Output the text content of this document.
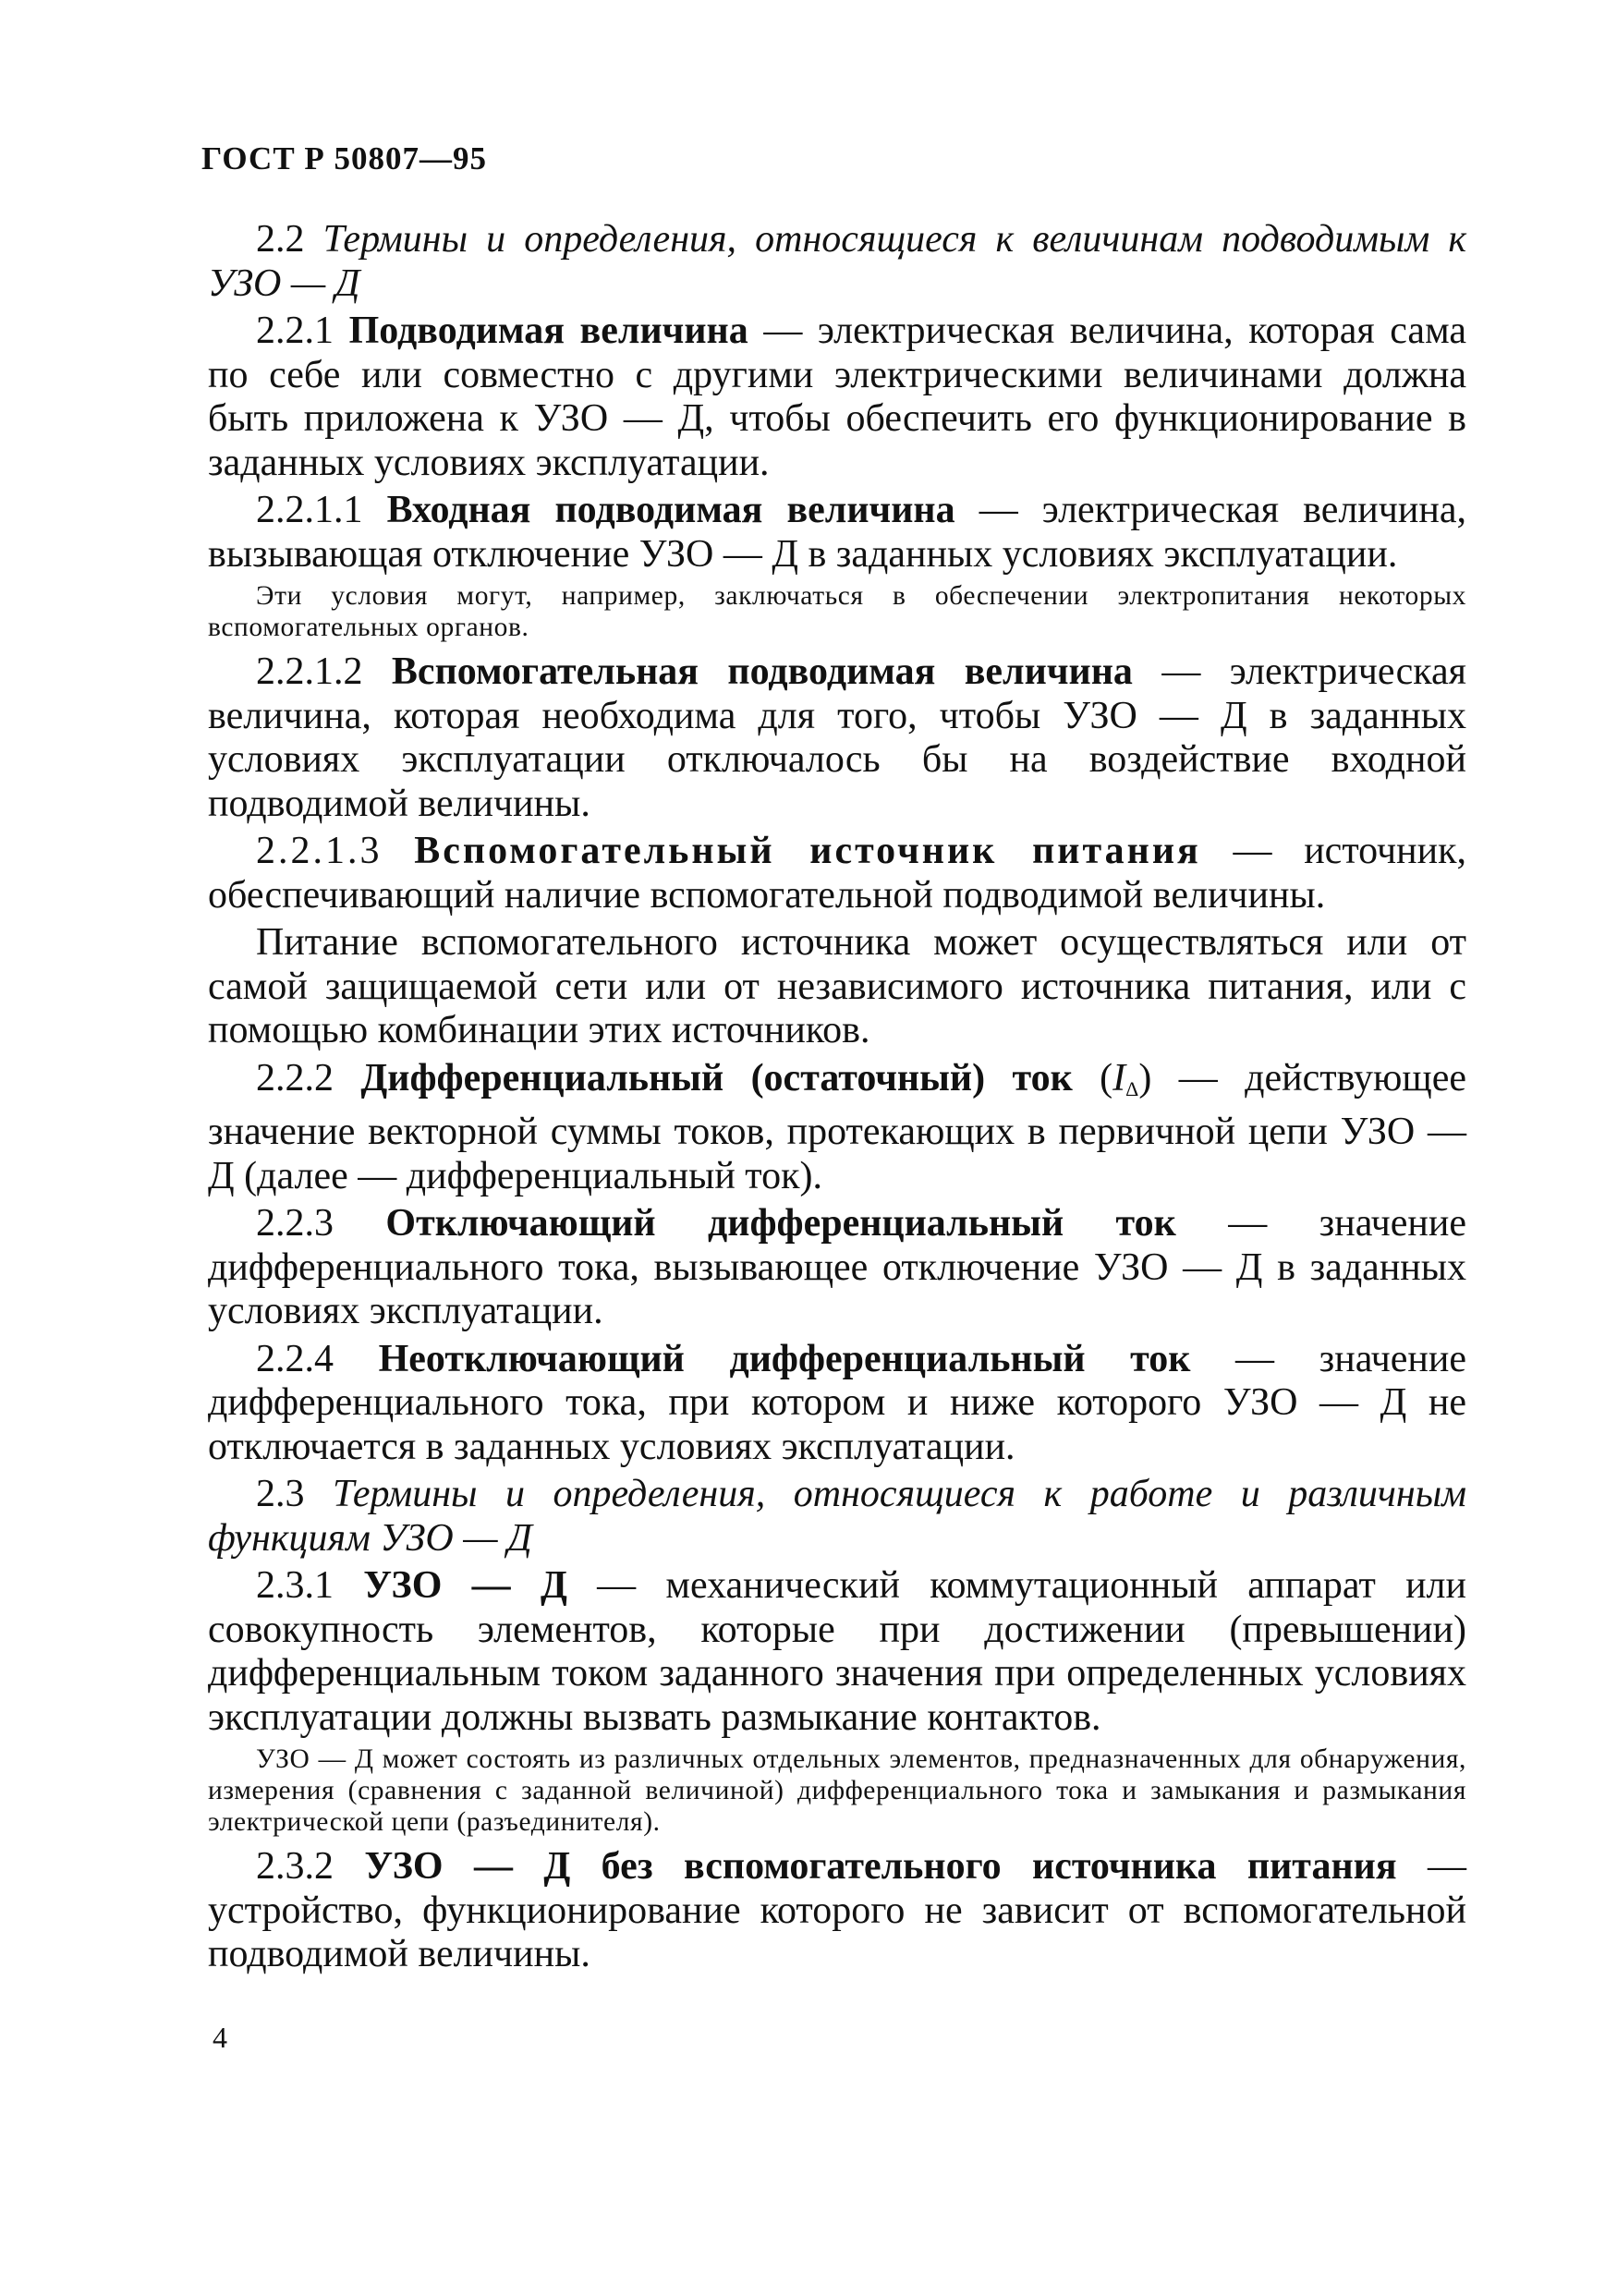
ГОСТ Р 50807—95

2.2 Термины и определения, относящиеся к величинам подводимым к УЗО — Д

2.2.1 Подводимая величина — электрическая величина, которая сама по себе или совместно с другими электрическими величинами должна быть приложена к УЗО — Д, чтобы обеспечить его функционирование в заданных условиях эксплуатации.

2.2.1.1 Входная подводимая величина — электрическая величина, вызывающая отключение УЗО — Д в заданных условиях эксплуатации.

Эти условия могут, например, заключаться в обеспечении электропитания некоторых вспомогательных органов.

2.2.1.2 Вспомогательная подводимая величина — электрическая величина, которая необходима для того, чтобы УЗО — Д в заданных условиях эксплуатации отключалось бы на воздействие входной подводимой величины.

2.2.1.3 Вспомогательный источник питания — источник, обеспечивающий наличие вспомогательной подводимой величины.

Питание вспомогательного источника может осуществляться или от самой защищаемой сети или от независимого источника питания, или с помощью комбинации этих источников.

2.2.2 Дифференциальный (остаточный) ток $(I_\Delta)$ — действующее значение векторной суммы токов, протекающих в первичной цепи УЗО — Д (далее — дифференциальный ток).

2.2.3 Отключающий дифференциальный ток — значение дифференциального тока, вызывающее отключение УЗО — Д в заданных условиях эксплуатации.

2.2.4 Неотключающий дифференциальный ток — значение дифференциального тока, при котором и ниже которого УЗО — Д не отключается в заданных условиях эксплуатации.

2.3 Термины и определения, относящиеся к работе и различным функциям УЗО — Д

2.3.1 УЗО — Д — механический коммутационный аппарат или совокупность элементов, которые при достижении (превышении) дифференциальным током заданного значения при определенных условиях эксплуатации должны вызвать размыкание контактов.

УЗО — Д может состоять из различных отдельных элементов, предназначенных для обнаружения, измерения (сравнения с заданной величиной) дифференциального тока и замыкания и размыкания электрической цепи (разъединителя).

2.3.2 УЗО — Д без вспомогательного источника питания — устройство, функционирование которого не зависит от вспомогательной подводимой величины.

4
